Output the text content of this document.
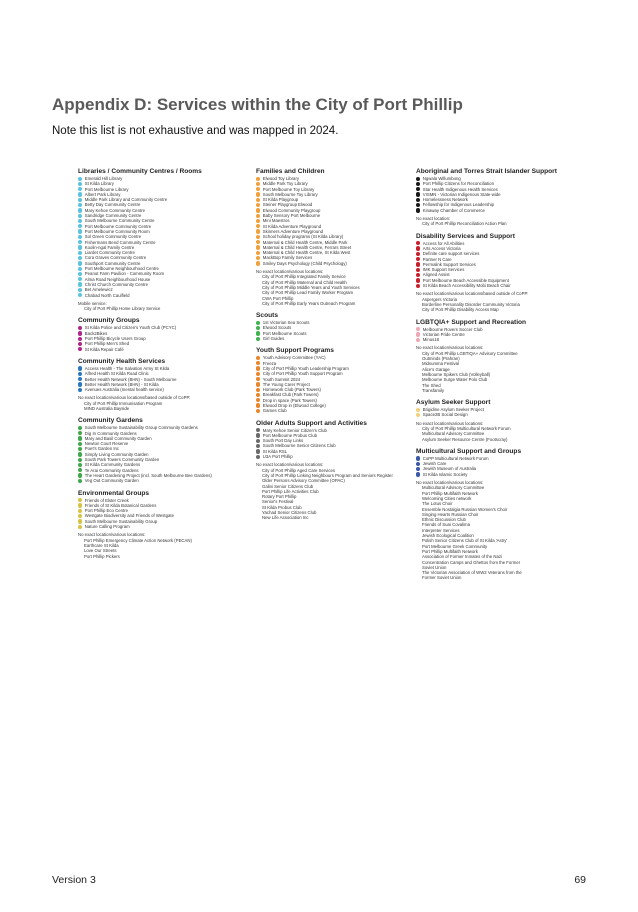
Appendix D: Services within the City of Port Phillip
Note this list is not exhaustive and was mapped in 2024.
Libraries / Community Centres / Rooms
Emerald Hill Library
St Kilda Library
Port Melbourne Library
Albert Park Library
Middle Park Library and Community Centre
Betty Day Community Centre
Mary Kehoe Community Centre
Sandridge Community Centre
South Melbourne Community Centre
Port Melbourne Community Centre
Port Melbourne Community Room
Sol Green Community Centre
Fishermans Bend Community Centre
Koolin-ngal Family Centre
Liardet Community Centre
Cora Graves Community Centre
Southport Community Centre
Port Melbourne Neighbourhood Centre
Peanut Farm Pavilion - Community Room
Alma Road Neighbourhood House
Christ Church Community Centre
Bet Amelewicz
Chabad North Caulfield
Mobile service:
City of Port Phillip Home Library Service
Community Groups
St Kilda Police and Citizen's Youth Club (PCYC)
Back2Bikes
Port Phillip Bicycle Users Group
Port Phillip Men's Shed
St Kilda Repair Café
Community Health Services
Access Health - The Salvation Army St Kilda
Alfred Health St Kilda Road Clinic
Better Health Network (BHN) - South Melbourne
Better Health Network (BHN) - St Kilda
Avenues Australia (mental health service)
No exact location/various locations/based outside of CoPP:
City of Port Phillip Immunisation Program
MIND Australia Bayside
Community Gardens
South Melbourne Sustainability Group Community Gardens
Dig In Community Gardens
Mary and Basil Community Garden
Newton Court Reserve
Poet's Garden Inc
Simply Living Community Garden
South Park Towers Community Garden
St Kilda Community Gardens
Te Arai Community Gardens
The Heart Gardening Project (incl. South Melbourne Bee Gardens)
Veg Out Community Garden
Environmental Groups
Friends of Elster Creek
Friends of St Kilda Botanical Gardens
Port Phillip Eco Centre
Westgate Biodiversity and Friends of Westgate
South Melbourne Sustainability Group
Nature Calling Program
No exact location/various locations:
Port Phillip Emergency Climate Action Network (PECAN)
Earthcare St Kilda
Love Our Streets
Port Phillip Pickers
Families and Children
Elwood Toy Library
Middle Park Toy Library
Port Melbourne Toy Library
South Melbourne Toy Library
St Kilda Playgroup
Steiner Playgroup Elwood
Elwood Community Playgroup
Baby Sensory Port Melbourne
Mini Maestros
St Kilda Adventure Playground
Skinners Adventure Playground
School holiday programs (St Kilda Library)
Maternal & Child Health Centre, Middle Park
Maternal & Child Health Centre, Ferrars Street
Maternal & Child Health Centre, St Kilda West
MackBop Family Services
Smiley Days Psychology (Child Psychology)
No exact location/various locations:
City of Port Phillip Integrated Family Service
City of Port Phillip Maternal and Child Health
City of Port Phillip Middle Years and Youth Services
City of Port Phillip Lead Family Worker Program
CWA Port Phillip
City of Port Phillip Early Years Outreach Program
Scouts
1st Victorian Sea Scouts
Elwood Scouts
Port Melbourne Scouts
Girl Guides
Youth Support Programs
Youth Advisory Committee (YAC)
Freeza
City of Port Phillip Youth Leadership Program
City of Port Phillip Youth Support Program
Youth Summit 2024
The Young Carer Project
Homework Club (Park Towers)
Breakfast Club (Park Towers)
Drop in space (Park Towers)
Elwood Drop in (Elwood College)
Games Club
Older Adults Support and Activities
Mary Kehoe Senior Citizen's Club
Port Melbourne Probus Club
South Port Day Links
South Melbourne Senior Citizens Club
St Kilda RSL
U3A Port Phillip
No exact location/various locations:
City of Port Phillip Aged Care Services
City of Port Phillip Linking Neighbours Program and Seniors Register
Older Persons Advisory Committee (OPAC)
Galini Senior Citizens Club
Port Phillip Life Activities Club
Rotary Port Phillip
Senior's Festival
St Kilda Probus Club
Yachad Senior Citizens Club
New Life Association Inc
Aboriginal and Torres Strait Islander Support
Ngwala Willumbong
Port Phillip Citizens for Reconciliation
Star Health Indigenous Health Services
VISMN - Victorian Indigenous State-wide
Homelessness Network
Fellowship for Indigenous Leadership
Kinaway Chamber of Commerce
No exact location:
City of Port Phillip Reconciliation Action Plan
Disability Services and Support
Access for All Abilities
Arts Access Victoria
Definite care support services
Partner N Care
Permalink Support Services
IMK Support Services
Aligned Assist
Port Melbourne Beach Accessible Equipment
St Kilda Beach Accessibility Mobi Beach Chair
No exact location/various locations/based outside of CoPP:
Aspergers Victoria
Borderline Personality Disorder Community Victoria
City of Port Phillip Disability Access Map
LGBTQIA+ Support and Recreation
Melbourne Rovers Soccer Club
Victorian Pride Centre
Minus18
No exact location/various locations:
City of Port Phillip LGBTIQA+ Advisory Committee
Outminds (Prahran)
Midsumma Festival
Alice's Garage
Melbourne Spikers Club (Volleyball)
Melbourne Surge Water Polo Club
The Shed
Transfamily
Asylum Seeker Support
Brigidine Asylum Seeker Project
Space2B Social Design
No exact location/various locations:
City of Port Phillip Multicultural Network Forum
Multicultural Advisory Committee
Asylum Seeker Resource Centre (Footscray)
Multicultural Support and Groups
CoPP Multicultural Network Forum
Jewish Care
Jewish Museum of Australia
St Kilda Islamic Society
No exact location/various locations:
Multicultural Advisory Committee
Port Phillip Multifaith Network
Welcoming Cities network
The Lotus Choir
Ensemble Nostalgia Russian Women's Choir
Singing Hearts Russian Choir
Ethnic Discussion Club
Friends of Suai Covalima
Interpreter Services
Jewish Ecological Coalition
Polish Senior Citizens Club of St Kilda 'Astry'
Port Melbourne Greek Community
Port Phillip Multifaith Network
Association of Former Inmates of the Nazi
Concentration Camps and Ghettos from the Former
Soviet Union
The Victorian Association of WW2 Veterans from the
Former Soviet Union
Version 3	69
